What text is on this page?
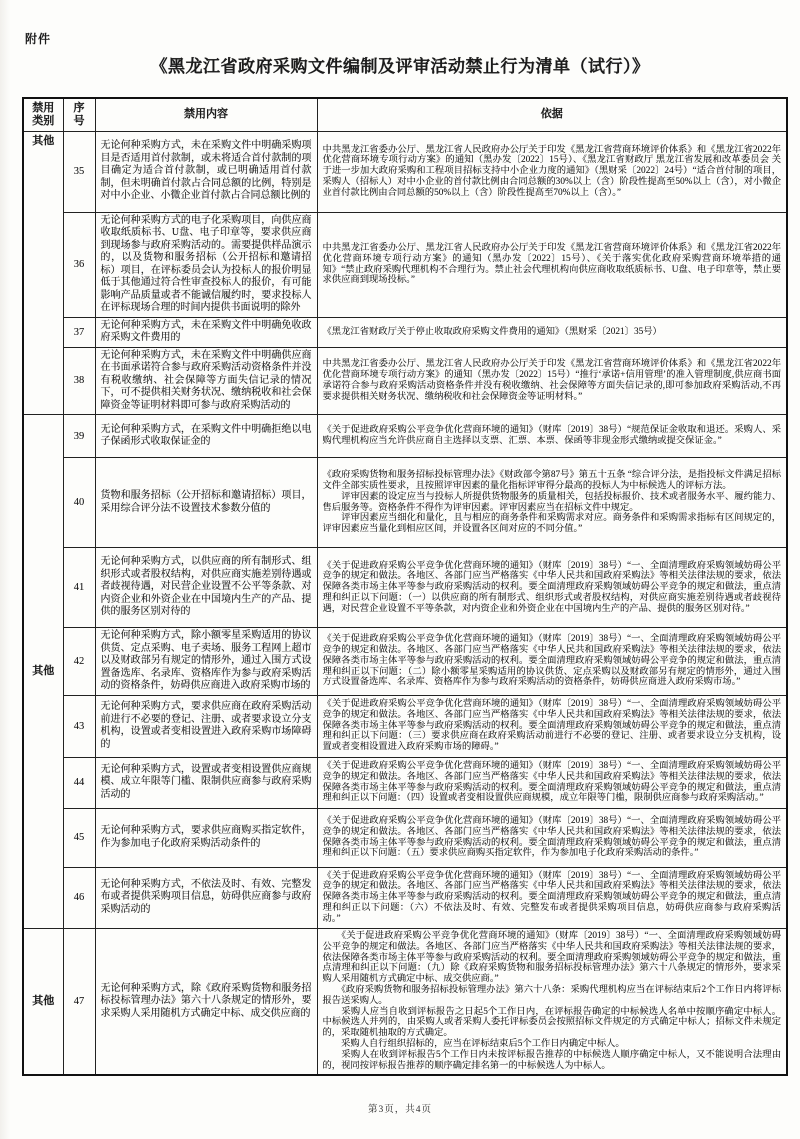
附件
《黑龙江省政府采购文件编制及评审活动禁止行为清单（试行）》
禁用类别	序号	禁用内容	依据
其他	35	无论何种采购方式，未在采购文件中明确采购项目是否适用首付款制，或未将适合首付款制的项目确定为适合首付款制，或已明确适用首付款制，但未明确首付款占合同总额的比例，特别是对中小企业、小微企业首付款占合同总额比例的	中共黑龙江省委办公厅、黑龙江省人民政府办公厅关于印发《黑龙江省营商环境评价体系》和《黑龙江省2022年优化营商环境专项行动方案》的通知（黑办发〔2022〕15号）、《黑龙江省财政厅 黑龙江省发展和改革委员会 关于进一步加大政府采购和工程项目招标支持中小企业力度的通知》（黑财采〔2022〕24号）“适合首付制的项目，采购人（招标人）对中小企业的首付款比例由合同总额的30%以上（含）阶段性提高至50%以上（含），对小微企业首付款比例由合同总额的50%以上（含）阶段性提高至70%以上（含）。”

	36	无论何种采购方式的电子化采购项目，向供应商收取纸质标书、U盘、电子印章等，要求供应商到现场参与政府采购活动的。需要提供样品演示的，以及货物和服务招标（公开招标和邀请招标）项目，在评标委员会认为投标人的报价明显低于其他通过符合性审查投标人的报价，有可能影响产品质量或者不能诚信履约时，要求投标人在评标现场合理的时间内提供书面说明的除外	中共黑龙江省委办公厅、黑龙江省人民政府办公厅关于印发《黑龙江省营商环境评价体系》和《黑龙江省2022年优化营商环境专项行动方案》的通知（黑办发〔2022〕15号）、《关于落实优化政府采购营商环境举措的通知》“禁止政府采购代理机构不合理行为。禁止社会代理机构向供应商收取纸质标书、U盘、电子印章等，禁止要求供应商到现场投标。”

	37	无论何种采购方式，未在采购文件中明确免收政府采购文件费用的	《黑龙江省财政厅关于停止收取政府采购文件费用的通知》（黑财采〔2021〕35号）

	38	无论何种采购方式，未在采购文件中明确供应商在书面承诺符合参与政府采购活动资格条件并没有税收缴纳、社会保障等方面失信记录的情况下，可不提供相关财务状况、缴纳税收和社会保障资金等证明材料即可参与政府采购活动的	中共黑龙江省委办公厅、黑龙江省人民政府办公厅关于印发《黑龙江省营商环境评价体系》和《黑龙江省2022年优化营商环境专项行动方案》的通知（黑办发〔2022〕15号）“推行‘承诺+信用管理’的准入管理制度,供应商书面承诺符合参与政府采购活动资格条件并没有税收缴纳、社会保障等方面失信记录的,即可参加政府采购活动,不再要求提供相关财务状况、缴纳税收和社会保障资金等证明材料。”

其他	39	无论何种采购方式，在采购文件中明确拒绝以电子保函形式收取保证金的	《关于促进政府采购公平竞争优化营商环境的通知》（财库〔2019〕38号）“规范保证金收取和退还。采购人、采购代理机构应当允许供应商自主选择以支票、汇票、本票、保函等非现金形式缴纳或提交保证金。”

	40	货物和服务招标（公开招标和邀请招标）项目，采用综合评分法不设置技术参数分值的	《政府采购货物和服务招标投标管理办法》《财政部令第87号》第五十五条 “综合评分法，是指投标文件满足招标文件全部实质性要求，且按照评审因素的量化指标评审得分最高的投标人为中标候选人的评标方法。
　　评审因素的设定应当与投标人所提供货物服务的质量相关，包括投标报价、技术或者服务水平、履约能力、售后服务等。资格条件不得作为评审因素。评审因素应当在招标文件中规定。
　　评审因素应当细化和量化，且与相应的商务条件和采购需求对应。商务条件和采购需求指标有区间规定的，评审因素应当量化到相应区间，并设置各区间对应的不同分值。”

	41	无论何种采购方式，以供应商的所有制形式、组织形式或者股权结构，对供应商实施差别待遇或者歧视待遇，对民营企业设置不公平等条款、对内资企业和外资企业在中国境内生产的产品、提供的服务区别对待的	《关于促进政府采购公平竞争优化营商环境的通知》（财库〔2019〕38号）“一、全面清理政府采购领域妨碍公平竞争的规定和做法。各地区、各部门应当严格落实《中华人民共和国政府采购法》等相关法律法规的要求，依法保障各类市场主体平等参与政府采购活动的权利。要全面清理政府采购领域妨碍公平竞争的规定和做法，重点清理和纠正以下问题：（一）以供应商的所有制形式、组织形式或者股权结构，对供应商实施差别待遇或者歧视待遇，对民营企业设置不平等条款，对内资企业和外资企业在中国境内生产的产品、提供的服务区别对待。”

	42	无论何种采购方式，除小额零星采购适用的协议供货、定点采购、电子卖场、服务工程网上超市以及财政部另有规定的情形外，通过入围方式设置备选库、名录库、资格库作为参与政府采购活动的资格条件，妨碍供应商进入政府采购市场的	《关于促进政府采购公平竞争优化营商环境的通知》（财库〔2019〕38号）“一、全面清理政府采购领域妨碍公平竞争的规定和做法。各地区、各部门应当严格落实《中华人民共和国政府采购法》等相关法律法规的要求，依法保障各类市场主体平等参与政府采购活动的权利。要全面清理政府采购领域妨碍公平竞争的规定和做法，重点清理和纠正以下问题：（二）除小额零星采购适用的协议供货、定点采购以及财政部另有规定的情形外，通过入围方式设置备选库、名录库、资格库作为参与政府采购活动的资格条件，妨碍供应商进入政府采购市场。”

	43	无论何种采购方式，要求供应商在政府采购活动前进行不必要的登记、注册、或者要求设立分支机构，设置或者变相设置进入政府采购市场障碍的	《关于促进政府采购公平竞争优化营商环境的通知》（财库〔2019〕38号）“一、全面清理政府采购领域妨碍公平竞争的规定和做法。各地区、各部门应当严格落实《中华人民共和国政府采购法》等相关法律法规的要求，依法保障各类市场主体平等参与政府采购活动的权利。要全面清理政府采购领域妨碍公平竞争的规定和做法，重点清理和纠正以下问题：（三）要求供应商在政府采购活动前进行不必要的登记、注册、或者要求设立分支机构，设置或者变相设置进入政府采购市场的障碍。”

	44	无论何种采购方式，设置或者变相设置供应商规模、成立年限等门槛、限制供应商参与政府采购活动的	《关于促进政府采购公平竞争优化营商环境的通知》（财库〔2019〕38号）“一、全面清理政府采购领域妨碍公平竞争的规定和做法。各地区、各部门应当严格落实《中华人民共和国政府采购法》等相关法律法规的要求，依法保障各类市场主体平等参与政府采购活动的权利。要全面清理政府采购领域妨碍公平竞争的规定和做法，重点清理和纠正以下问题：（四）设置或者变相设置供应商规模，成立年限等门槛，限制供应商参与政府采购活动。”

	45	无论何种采购方式，要求供应商购买指定软件，作为参加电子化政府采购活动条件的	《关于促进政府采购公平竞争优化营商环境的通知》（财库〔2019〕38号）“一、全面清理政府采购领域妨碍公平竞争的规定和做法。各地区、各部门应当严格落实《中华人民共和国政府采购法》等相关法律法规的要求，依法保障各类市场主体平等参与政府采购活动的权利。要全面清理政府采购领域妨碍公平竞争的规定和做法，重点清理和纠正以下问题：（五）要求供应商购买指定软件，作为参加电子化政府采购活动的条件。”

	46	无论何种采购方式，不依法及时、有效、完整发布或者提供采购项目信息，妨碍供应商参与政府采购活动的	《关于促进政府采购公平竞争优化营商环境的通知》（财库〔2019〕38号）“一、全面清理政府采购领域妨碍公平竞争的规定和做法。各地区、各部门应当严格落实《中华人民共和国政府采购法》等相关法律法规的要求，依法保障各类市场主体平等参与政府采购活动的权利。要全面清理政府采购领域妨碍公平竞争的规定和做法，重点清理和纠正以下问题：（六）不依法及时、有效、完整发布或者提供采购项目信息，妨碍供应商参与政府采购活动。”

其他	47	无论何种采购方式，除《政府采购货物和服务招标投标管理办法》第六十八条规定的情形外，要求采购人采用随机方式确定中标、成交供应商的	　　《关于促进政府采购公平竞争优化营商环境的通知》（财库〔2019〕38号）“一、全面清理政府采购领域妨碍公平竞争的规定和做法。各地区、各部门应当严格落实《中华人民共和国政府采购法》等相关法律法规的要求，依法保障各类市场主体平等参与政府采购活动的权利。要全面清理政府采购领域妨碍公平竞争的规定和做法，重点清理和纠正以下问题：（九）除《政府采购货物和服务招标投标管理办法》第六十八条规定的情形外，要求采购人采用随机方式确定中标、成交供应商。”
　　《政府采购货物和服务招标投标管理办法》第六十八条：采购代理机构应当在评标结束后2个工作日内将评标报告送采购人。
　　采购人应当自收到评标报告之日起5个工作日内，在评标报告确定的中标候选人名单中按顺序确定中标人。中标候选人并列的，由采购人或者采购人委托评标委员会按照招标文件规定的方式确定中标人；招标文件未规定的，采取随机抽取的方式确定。
　　采购人自行组织招标的，应当在评标结束后5个工作日内确定中标人。
　　采购人在收到评标报告5个工作日内未按评标报告推荐的中标候选人顺序确定中标人，又不能说明合法理由的，视同按评标报告推荐的顺序确定排名第一的中标候选人为中标人。
第3页，共4页
